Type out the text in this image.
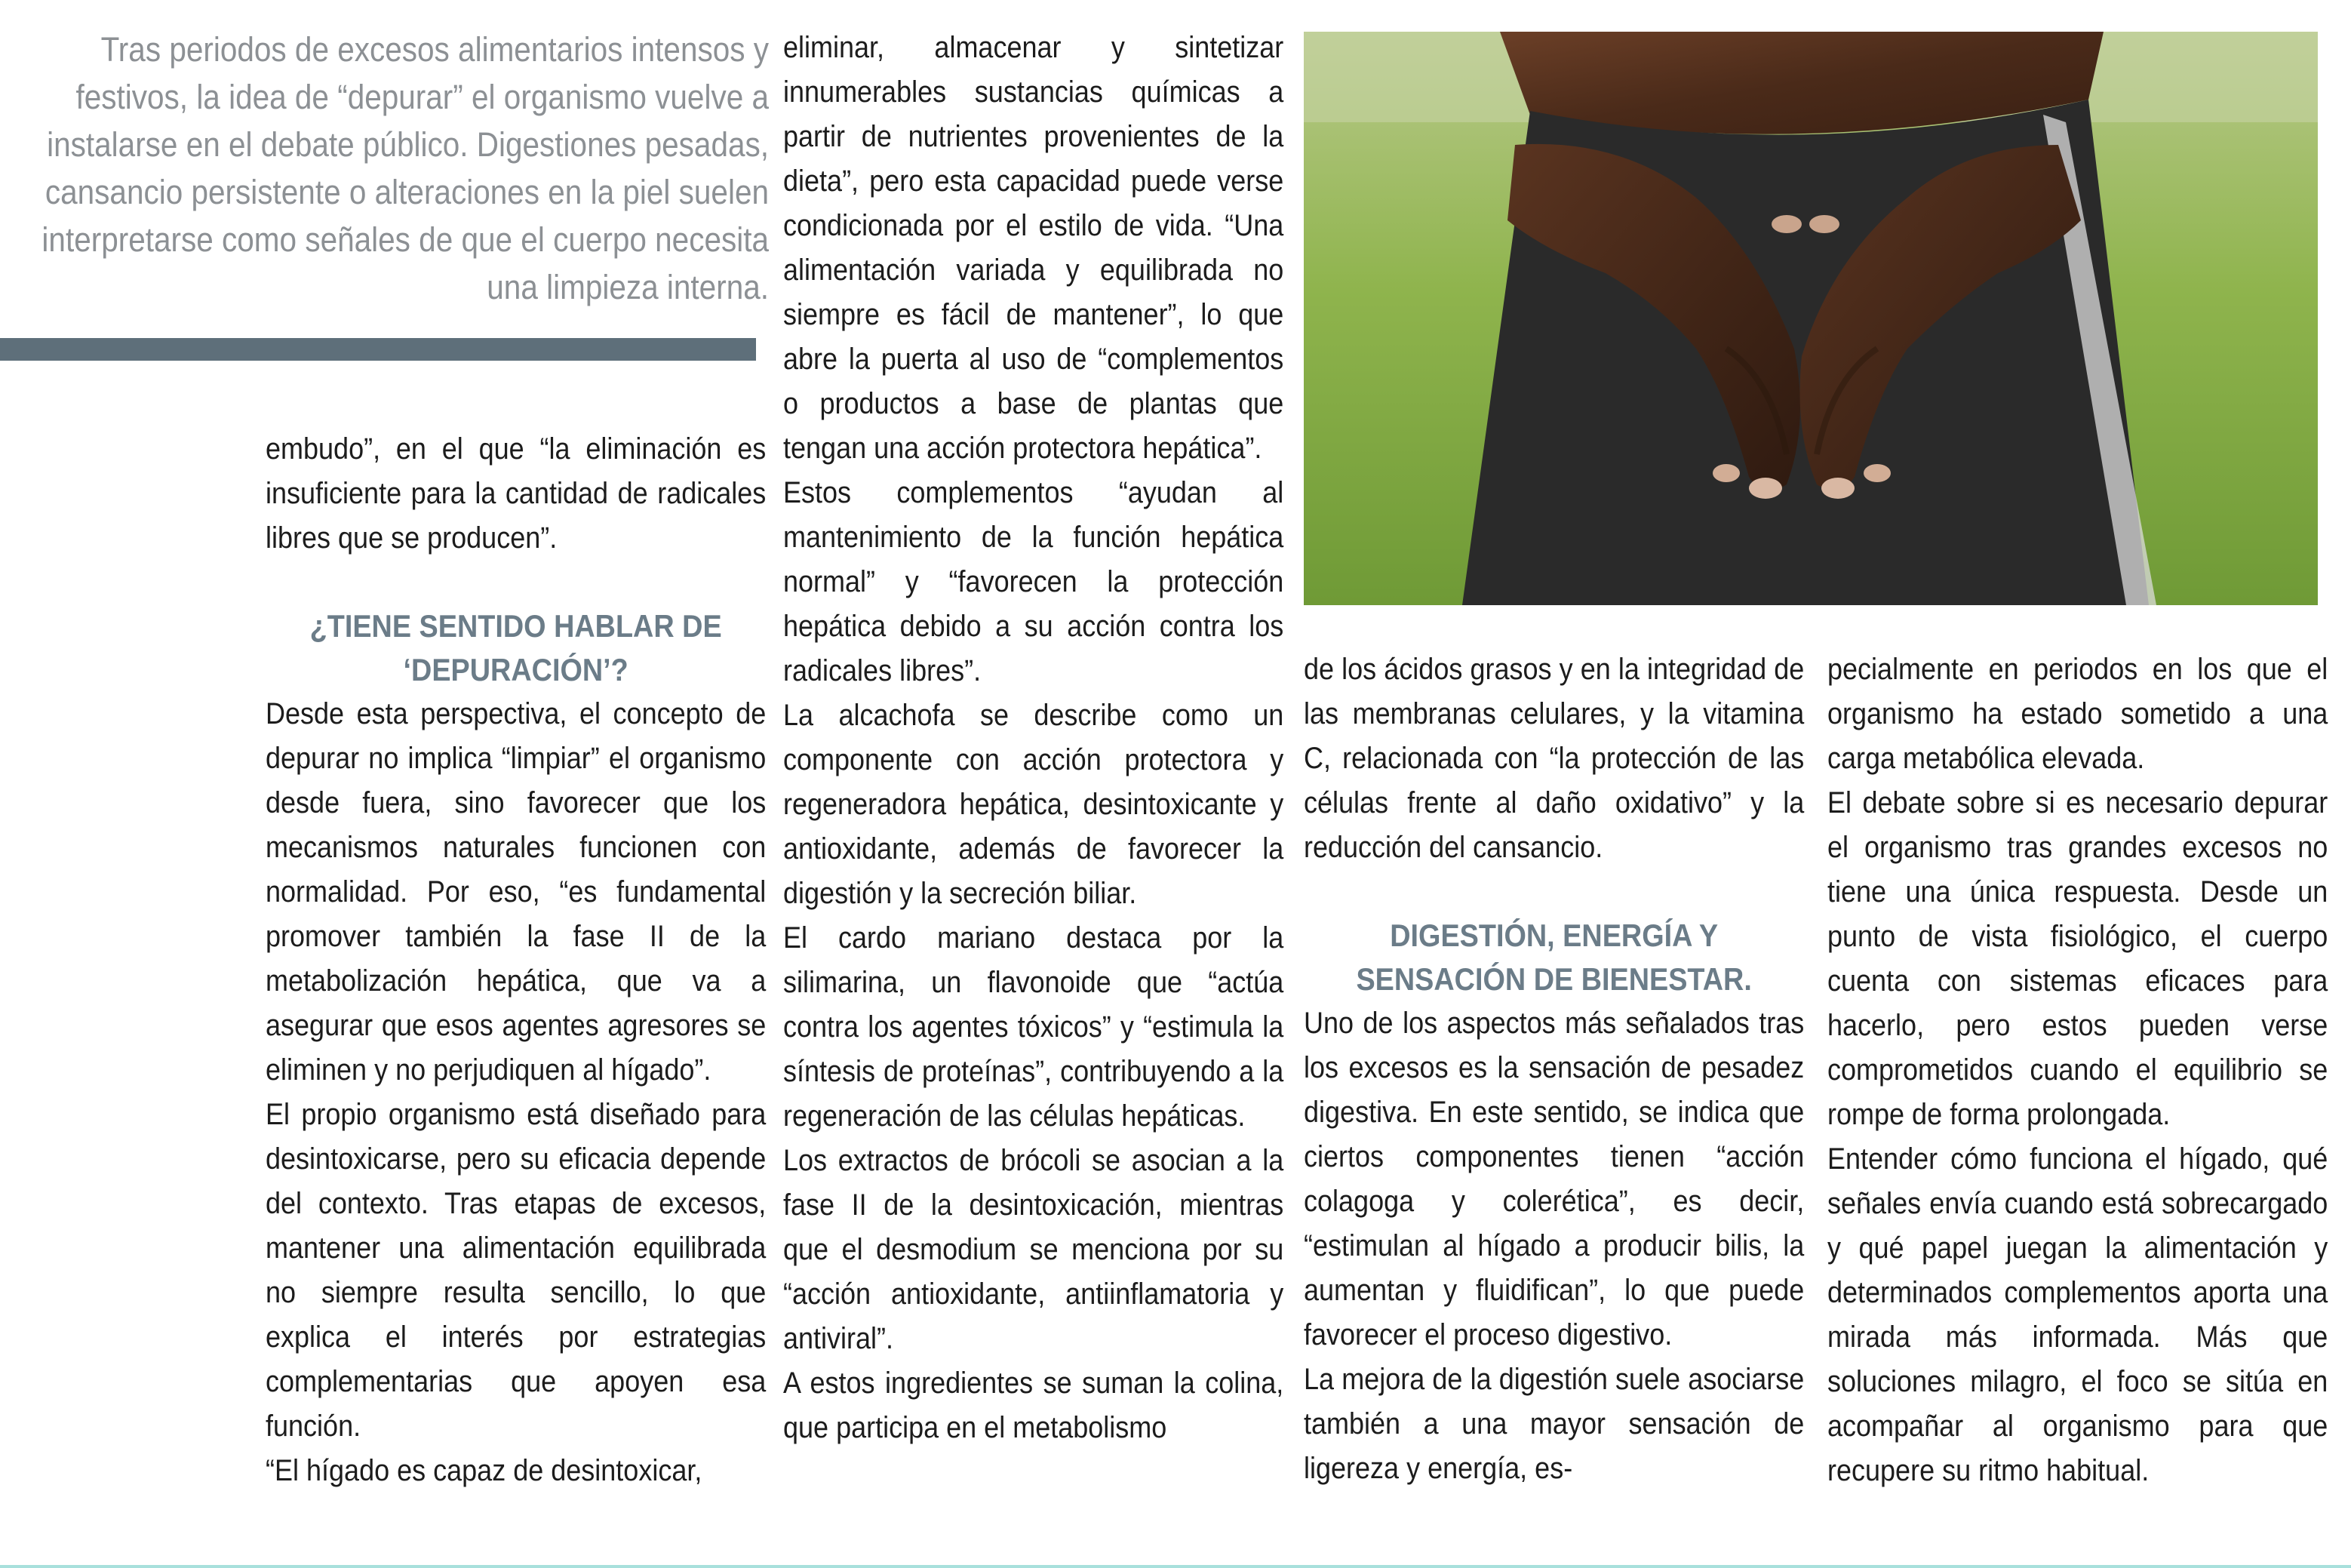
Tras periodos de excesos alimentarios intensos y festivos, la idea de “depurar” el organismo vuelve a instalarse en el debate público. Digestiones pesadas, cansancio persistente o alteraciones en la piel suelen interpretarse como señales de que el cuerpo necesita una limpieza interna.

embudo”, en el que “la eliminación es insuficiente para la cantidad de radicales libres que se producen”.

¿TIENE SENTIDO HABLAR DE
‘DEPURACIÓN’?

Desde esta perspectiva, el concepto de depurar no implica “limpiar” el organismo desde fuera, sino favorecer que los mecanismos naturales funcionen con normalidad. Por eso, “es fundamental promover también la fase II de la metabolización hepática, que va a asegurar que esos agentes agresores se eliminen y no perjudiquen al hígado”.

El propio organismo está diseñado para desintoxicarse, pero su eficacia depende del contexto. Tras etapas de excesos, mantener una alimentación equilibrada no siempre resulta sencillo, lo que explica el interés por estrategias complementarias que apoyen esa función.

“El hígado es capaz de desintoxicar,

eliminar, almacenar y sintetizar innumerables sustancias químicas a partir de nutrientes provenientes de la dieta”, pero esta capacidad puede verse condicionada por el estilo de vida. “Una alimentación variada y equilibrada no siempre es fácil de mantener”, lo que abre la puerta al uso de “complementos o productos a base de plantas que tengan una acción protectora hepática”.

Estos complementos “ayudan al mantenimiento de la función hepática normal” y “favorecen la protección hepática debido a su acción contra los radicales libres”.

La alcachofa se describe como un componente con acción protectora y regeneradora hepática, desintoxicante y antioxidante, además de favorecer la digestión y la secreción biliar.

El cardo mariano destaca por la silimarina, un flavonoide que “actúa contra los agentes tóxicos” y “estimula la síntesis de proteínas”, contribuyendo a la regeneración de las células hepáticas.

Los extractos de brócoli se asocian a la fase II de la desintoxicación, mientras que el desmodium se menciona por su “acción antioxidante, antiinflamatoria y antiviral”.

A estos ingredientes se suman la colina, que participa en el metabolismo

de los ácidos grasos y en la integridad de las membranas celulares, y la vitamina C, relacionada con “la protección de las células frente al daño oxidativo” y la reducción del cansancio.

DIGESTIÓN, ENERGÍA Y
SENSACIÓN DE BIENESTAR.

Uno de los aspectos más señalados tras los excesos es la sensación de pesadez digestiva. En este sentido, se indica que ciertos componentes tienen “acción colagoga y colerética”, es decir, “estimulan al hígado a producir bilis, la aumentan y fluidifican”, lo que puede favorecer el proceso digestivo.

La mejora de la digestión suele asociarse también a una mayor sensación de ligereza y energía, es-

pecialmente en periodos en los que el organismo ha estado sometido a una carga metabólica elevada.

El debate sobre si es necesario depurar el organismo tras grandes excesos no tiene una única respuesta. Desde un punto de vista fisiológico, el cuerpo cuenta con sistemas eficaces para hacerlo, pero estos pueden verse comprometidos cuando el equilibrio se rompe de forma prolongada.

Entender cómo funciona el hígado, qué señales envía cuando está sobrecargado y qué papel juegan la alimentación y determinados complementos aporta una mirada más informada. Más que soluciones milagro, el foco se sitúa en acompañar al organismo para que recupere su ritmo habitual.
